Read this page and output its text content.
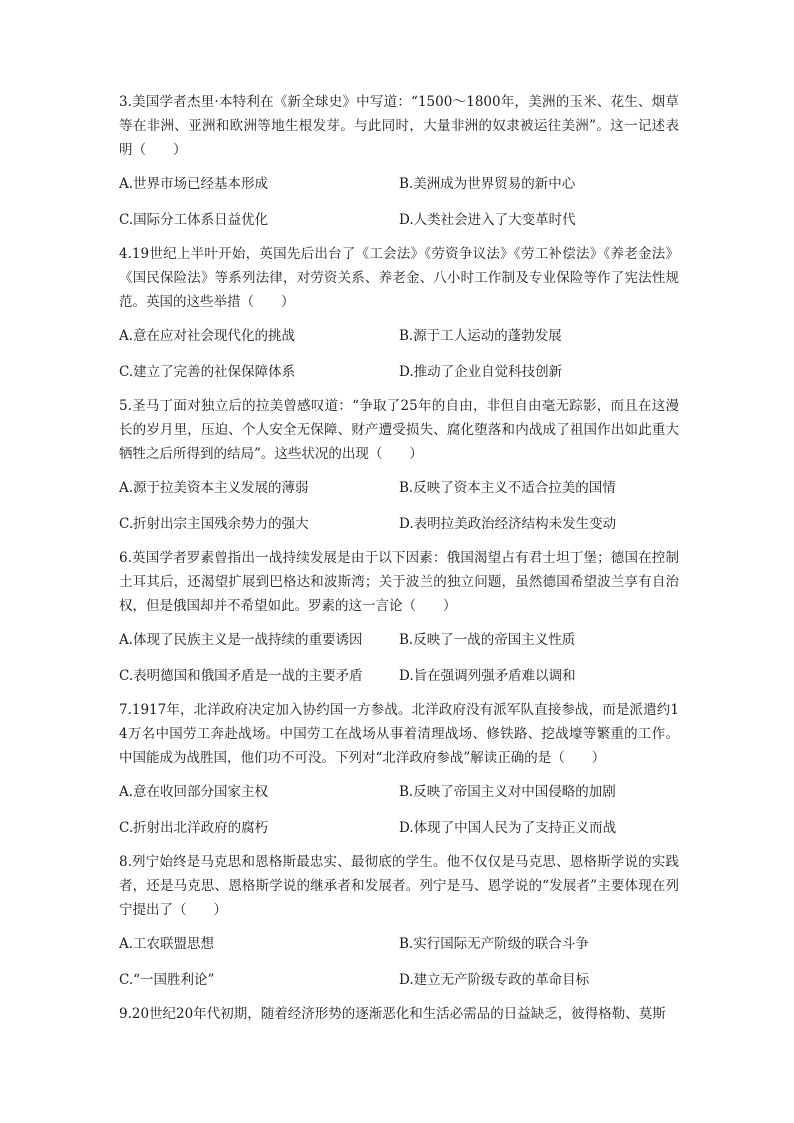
3.美国学者杰里·本特利在《新全球史》中写道：“1500～1800年，美洲的玉米、花生、烟草等在非洲、亚洲和欧洲等地生根发芽。与此同时，大量非洲的奴隶被运往美洲”。这一记述表明（　　）

A.世界市场已经基本形成	B.美洲成为世界贸易的新中心
C.国际分工体系日益优化	D.人类社会进入了大变革时代

4.19世纪上半叶开始，英国先后出台了《工会法》《劳资争议法》《劳工补偿法》《养老金法》《国民保险法》等系列法律，对劳资关系、养老金、八小时工作制及专业保险等作了宪法性规范。英国的这些举措（　　）

A.意在应对社会现代化的挑战	B.源于工人运动的蓬勃发展
C.建立了完善的社保保障体系	D.推动了企业自觉科技创新

5.圣马丁面对独立后的拉美曾感叹道：“争取了25年的自由，非但自由毫无踪影，而且在这漫长的岁月里，压迫、个人安全无保障、财产遭受损失、腐化堕落和内战成了祖国作出如此重大牺牲之后所得到的结局”。这些状况的出现（　　）

A.源于拉美资本主义发展的薄弱	B.反映了资本主义不适合拉美的国情
C.折射出宗主国残余势力的强大	D.表明拉美政治经济结构未发生变动

6.英国学者罗素曾指出一战持续发展是由于以下因素：俄国渴望占有君士坦丁堡；德国在控制土耳其后，还渴望扩展到巴格达和波斯湾；关于波兰的独立问题，虽然德国希望波兰享有自治权，但是俄国却并不希望如此。罗素的这一言论（　　）

A.体现了民族主义是一战持续的重要诱因	B.反映了一战的帝国主义性质
C.表明德国和俄国矛盾是一战的主要矛盾	D.旨在强调列强矛盾难以调和

7.1917年，北洋政府决定加入协约国一方参战。北洋政府没有派军队直接参战，而是派遣约14万名中国劳工奔赴战场。中国劳工在战场从事着清理战场、修铁路、挖战壕等繁重的工作。中国能成为战胜国，他们功不可没。下列对“北洋政府参战”解读正确的是（　　）

A.意在收回部分国家主权	B.反映了帝国主义对中国侵略的加剧
C.折射出北洋政府的腐朽	D.体现了中国人民为了支持正义而战

8.列宁始终是马克思和恩格斯最忠实、最彻底的学生。他不仅仅是马克思、恩格斯学说的实践者，还是马克思、恩格斯学说的继承者和发展者。列宁是马、恩学说的“发展者”主要体现在列宁提出了（　　）

A.工农联盟思想	B.实行国际无产阶级的联合斗争
C.“一国胜利论”	D.建立无产阶级专政的革命目标

9.20世纪20年代初期，随着经济形势的逐渐恶化和生活必需品的日益缺乏，彼得格勒、莫斯
